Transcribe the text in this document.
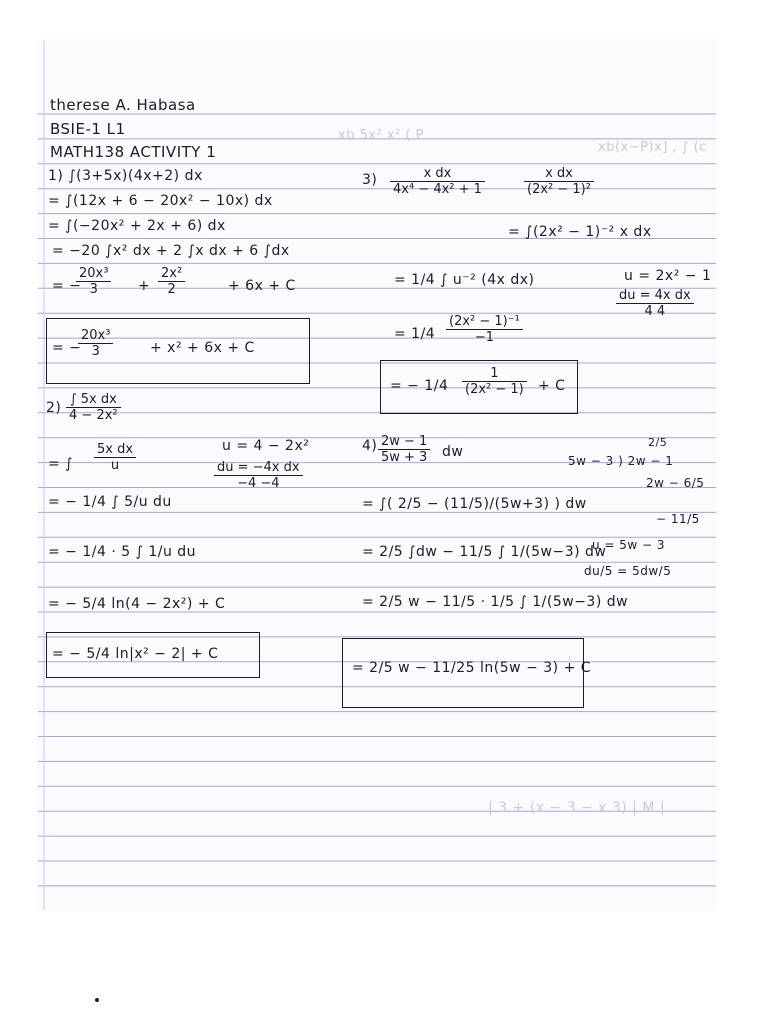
xb 5x² x² ( P
xb(x−P)x] , ∫ (c
| 3 + (x − 3 − x 3) | M |
therese A. Habasa
BSIE-1 L1
MATH138 ACTIVITY 1
1) ∫(3+5x)(4x+2) dx
= ∫(12x + 6 − 20x² − 10x) dx
= ∫(−20x² + 2x + 6) dx
= −20 ∫x² dx + 2 ∫x dx + 6 ∫dx
= −
$\frac{\text{20x³}}{3} + \frac{\text{2x²}}{2}$	+ 6x + C
= −
$\frac{\text{20x³}}{3}$	+ x² + 6x + C
$2) \frac{\text{∫ 5x dx}}{\text{4 − 2x²}}$
= ∫ $\frac{\text{5x dx}}{u}$	u = 4 − 2x²
$\frac{\text{du = −4x dx}}{-4 -4}$
= − 1/4 ∫ 5/u du
= − 1/4 · 5 ∫ 1/u du
= − 5/4 ln(4 − 2x²) + C
= − 5/4 ln|x² − 2| + C
$3) \frac{\text{x dx}}{\text{4x⁴ − 4x² + 1}}$	$\frac{\text{x dx}}{\text{(2x² − 1)²}}$
= ∫(2x² − 1)⁻² x dx
= 1/4 ∫ u⁻² (4x dx)	u = 2x² − 1
$\frac{\text{du = 4x dx}}{4 4}$
= $1/4 \frac{\text{(2x² − 1)⁻¹}}{-1}$
= − $1/4 \frac{1}{\text{(2x² − 1)}} + C$
$4) \frac{2w - 1}{5w + 3}$ dw
= ∫( 2/5 − (11/5)/(5w+3) ) dw
= 2/5 ∫dw − 11/5 ∫ 1/(5w−3) dw
= 2/5 w − 11/5 · 1/5 ∫ 1/(5w−3) dw
= 2/5 w − 11/25 ln(5w − 3) + C
2/5
5w − 3 ) 2w − 1
2w − 6/5
− 11/5
u = 5w − 3
du/5 = 5dw/5
